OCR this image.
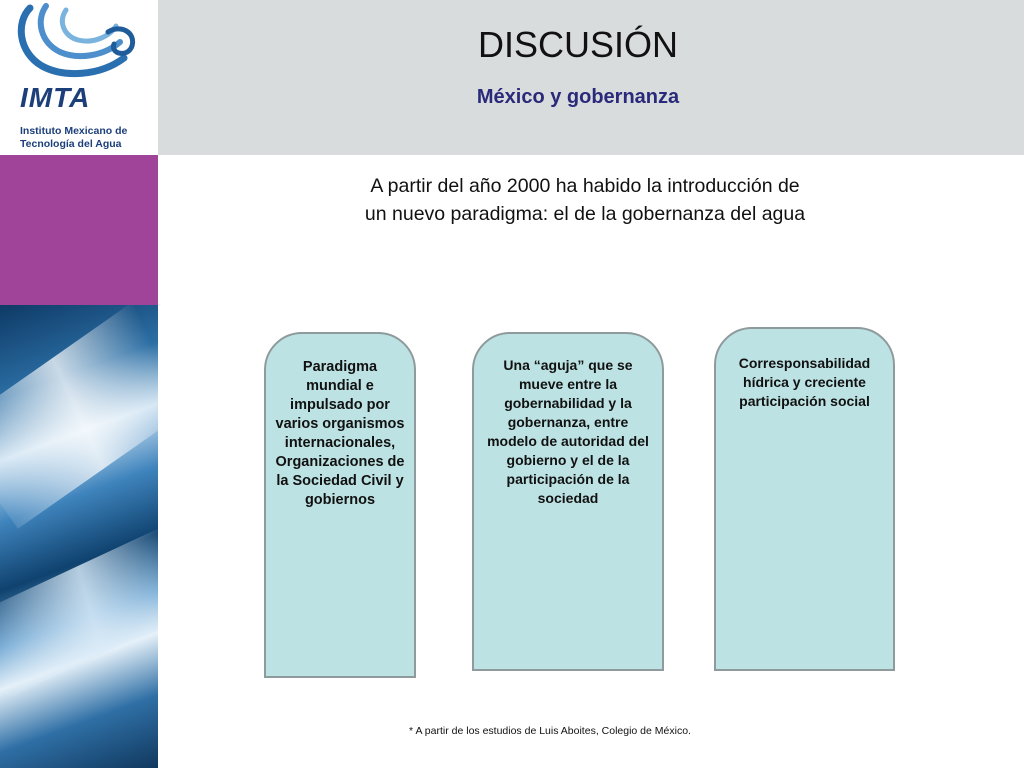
IMTA
Instituto Mexicano de
Tecnología del Agua
DISCUSIÓN
México y gobernanza
A partir del año 2000 ha habido la introducción de
un nuevo paradigma: el de la gobernanza del agua
Paradigma mundial e impulsado por varios organismos internacionales, Organizaciones de la Sociedad Civil y gobiernos
Una “aguja” que se mueve entre la gobernabilidad y la gobernanza, entre modelo de autoridad del gobierno y el de la participación de la sociedad
Corresponsabilidad hídrica y creciente participación social
* A partir de los estudios de Luis Aboites, Colegio de México.
